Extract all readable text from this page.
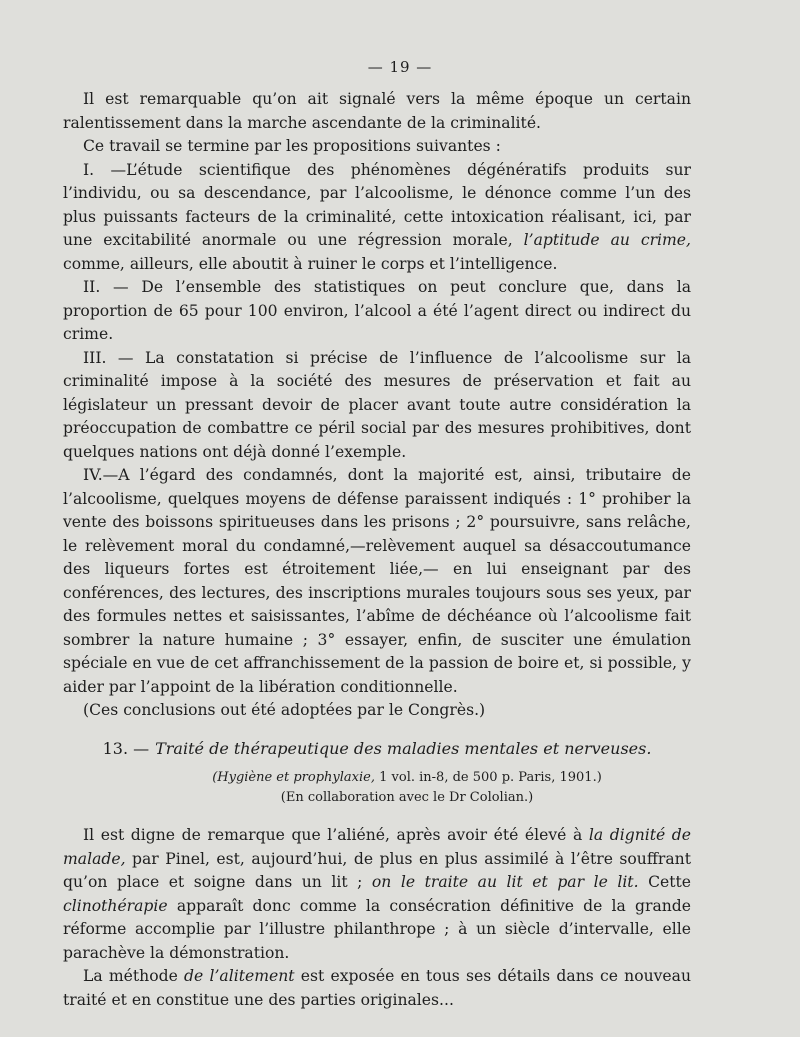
— 19 —

Il est remarquable qu’on ait signalé vers la même époque un certain ralentissement dans la marche ascendante de la criminalité.

Ce travail se termine par les propositions suivantes :

I. —L’étude scientifique des phénomènes dégénératifs produits sur l’individu, ou sa descendance, par l’alcoolisme, le dénonce comme l’un des plus puissants facteurs de la criminalité, cette intoxication réalisant, ici, par une excitabilité anormale ou une régression morale, l’aptitude au crime, comme, ailleurs, elle aboutit à ruiner le corps et l’intelligence.

II. — De l’ensemble des statistiques on peut conclure que, dans la proportion de 65 pour 100 environ, l’alcool a été l’agent direct ou indirect du crime.

III. — La constatation si précise de l’influence de l’alcoolisme sur la criminalité impose à la société des mesures de préservation et fait au législateur un pressant devoir de placer avant toute autre considération la préoccupation de combattre ce péril social par des mesures prohibitives, dont quelques nations ont déjà donné l’exemple.

IV.—A l’égard des condamnés, dont la majorité est, ainsi, tributaire de l’alcoolisme, quelques moyens de défense paraissent indiqués : 1° prohiber la vente des boissons spiritueuses dans les prisons ; 2° poursuivre, sans relâche, le relèvement moral du condamné,—relèvement auquel sa désaccoutumance des liqueurs fortes est étroitement liée,— en lui enseignant par des conférences, des lectures, des inscriptions murales toujours sous ses yeux, par des formules nettes et saisissantes, l’abîme de déchéance où l’alcoolisme fait sombrer la nature humaine ; 3° essayer, enfin, de susciter une émulation spéciale en vue de cet affranchissement de la passion de boire et, si possible, y aider par l’appoint de la libération conditionnelle.

(Ces conclusions out été adoptées par le Congrès.)

13. — Traité de thérapeutique des maladies mentales et nerveuses.
(Hygiène et prophylaxie, 1 vol. in-8, de 500 p. Paris, 1901.)
(En collaboration avec le Dr Cololian.)

Il est digne de remarque que l’aliéné, après avoir été élevé à la dignité de malade, par Pinel, est, aujourd’hui, de plus en plus assimilé à l’être souffrant qu’on place et soigne dans un lit ; on le traite au lit et par le lit. Cette clinothérapie apparaît donc comme la consécration définitive de la grande réforme accomplie par l’illustre philanthrope ; à un siècle d’intervalle, elle parachève la démonstration.

La méthode de l’alitement est exposée en tous ses détails dans ce nouveau traité et en constitue une des parties originales...
